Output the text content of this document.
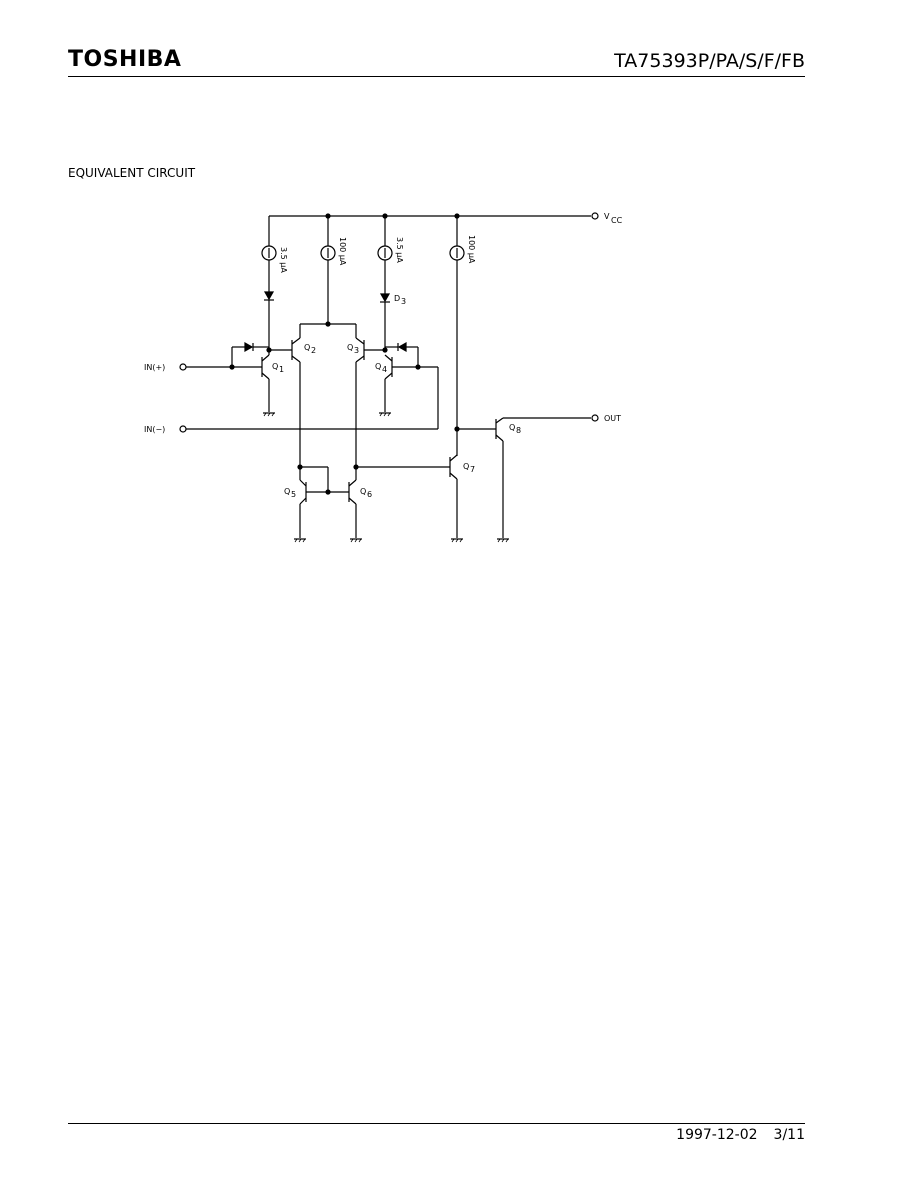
TOSHIBA	TA75393P/PA/S/F/FB
EQUIVALENT CIRCUIT
V CC
IN(+)
IN(−)
OUT
3.5 μA	100 μA	3.5 μA	100 μA
D 3
Q 1
Q 2	Q 3
Q 4
Q 5	Q 6
Q 7
Q 8
1997-12-02 3/11
